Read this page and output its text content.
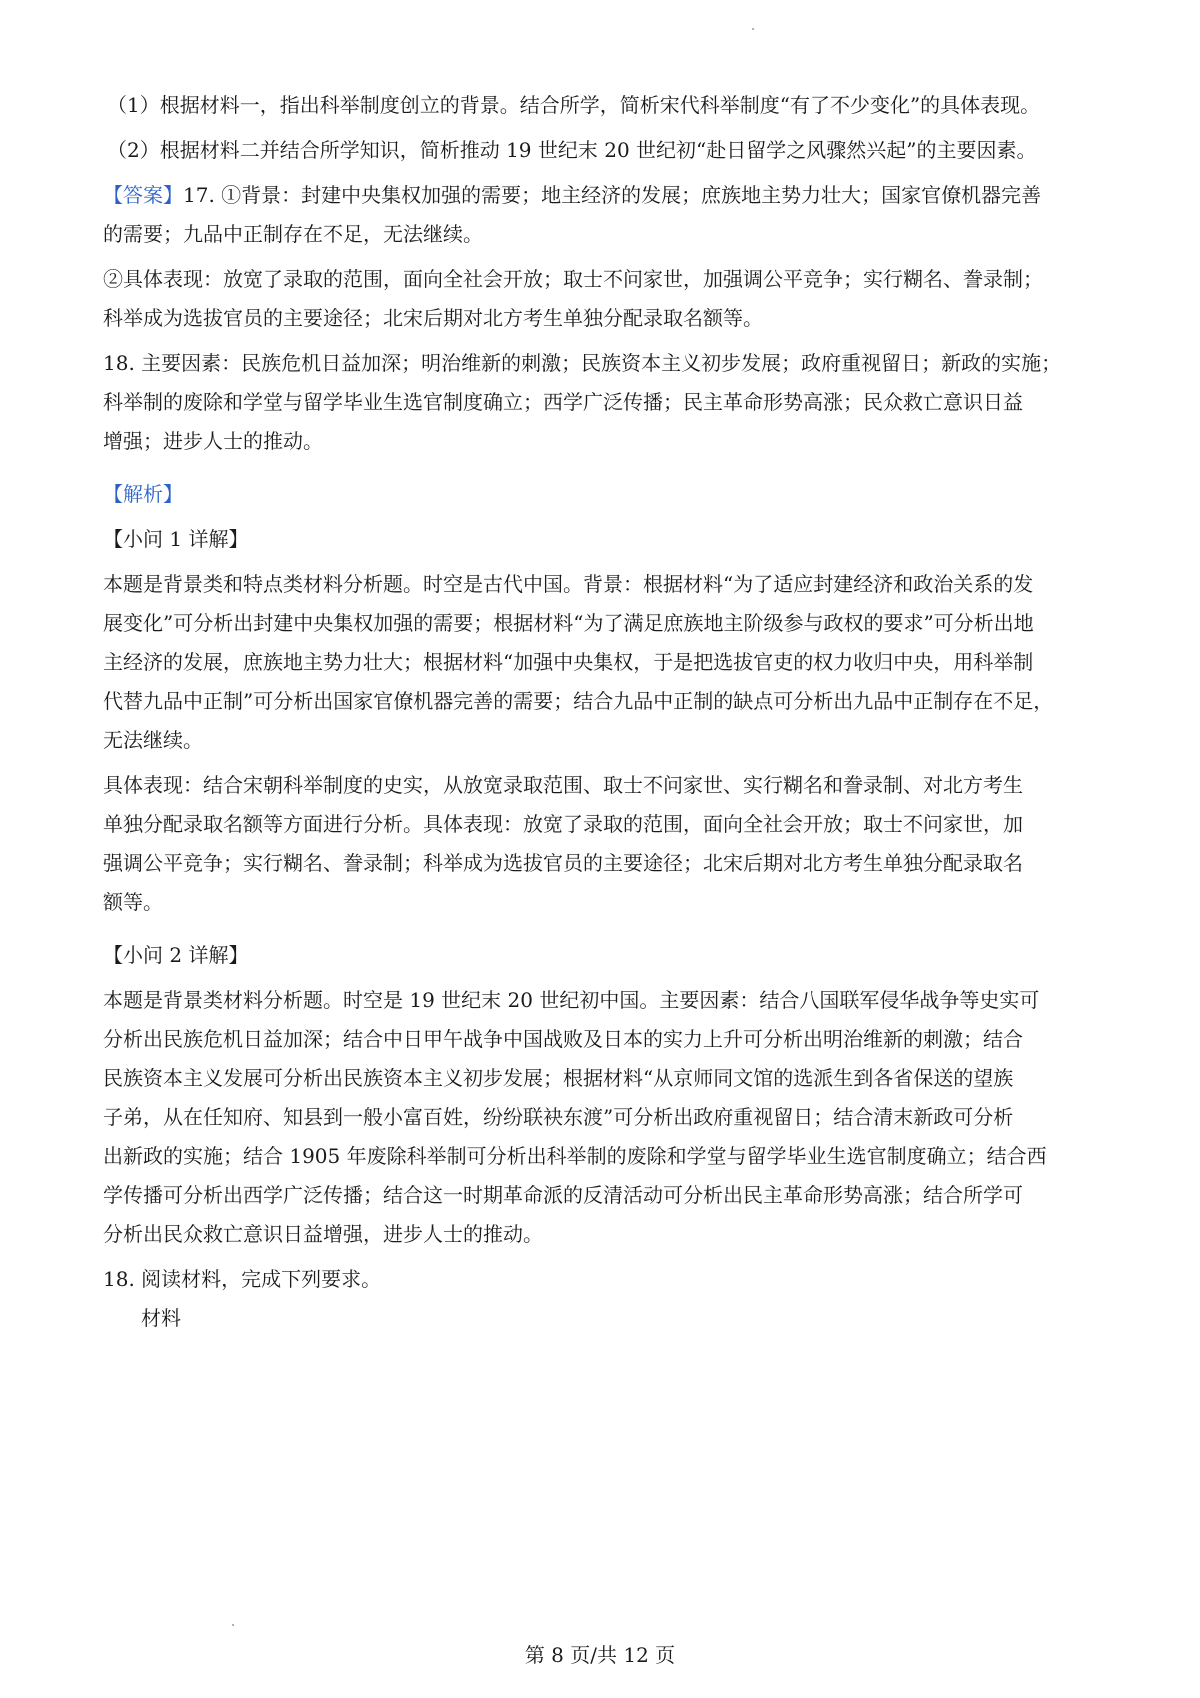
（1）根据材料一，指出科举制度创立的背景。结合所学，简析宋代科举制度“有了不少变化”的具体表现。

（2）根据材料二并结合所学知识，简析推动 19 世纪末 20 世纪初“赴日留学之风骤然兴起”的主要因素。

【答案】17. ①背景：封建中央集权加强的需要；地主经济的发展；庶族地主势力壮大；国家官僚机器完善

的需要；九品中正制存在不足，无法继续。

②具体表现：放宽了录取的范围，面向全社会开放；取士不问家世，加强调公平竞争；实行糊名、誊录制；

科举成为选拔官员的主要途径；北宋后期对北方考生单独分配录取名额等。

18. 主要因素：民族危机日益加深；明治维新的刺激；民族资本主义初步发展；政府重视留日；新政的实施；

科举制的废除和学堂与留学毕业生选官制度确立；西学广泛传播；民主革命形势高涨；民众救亡意识日益

增强；进步人士的推动。

【解析】

【小问 1 详解】

本题是背景类和特点类材料分析题。时空是古代中国。背景：根据材料“为了适应封建经济和政治关系的发

展变化”可分析出封建中央集权加强的需要；根据材料“为了满足庶族地主阶级参与政权的要求”可分析出地

主经济的发展，庶族地主势力壮大；根据材料“加强中央集权，于是把选拔官吏的权力收归中央，用科举制

代替九品中正制”可分析出国家官僚机器完善的需要；结合九品中正制的缺点可分析出九品中正制存在不足，

无法继续。

具体表现：结合宋朝科举制度的史实，从放宽录取范围、取士不问家世、实行糊名和誊录制、对北方考生

单独分配录取名额等方面进行分析。具体表现：放宽了录取的范围，面向全社会开放；取士不问家世，加

强调公平竞争；实行糊名、誊录制；科举成为选拔官员的主要途径；北宋后期对北方考生单独分配录取名

额等。

【小问 2 详解】

本题是背景类材料分析题。时空是 19 世纪末 20 世纪初中国。主要因素：结合八国联军侵华战争等史实可

分析出民族危机日益加深；结合中日甲午战争中国战败及日本的实力上升可分析出明治维新的刺激；结合

民族资本主义发展可分析出民族资本主义初步发展；根据材料“从京师同文馆的选派生到各省保送的望族

子弟，从在任知府、知县到一般小富百姓，纷纷联袂东渡”可分析出政府重视留日；结合清末新政可分析

出新政的实施；结合 1905 年废除科举制可分析出科举制的废除和学堂与留学毕业生选官制度确立；结合西

学传播可分析出西学广泛传播；结合这一时期革命派的反清活动可分析出民主革命形势高涨；结合所学可

分析出民众救亡意识日益增强，进步人士的推动。

18. 阅读材料，完成下列要求。

材料

第 8 页/共 12 页
